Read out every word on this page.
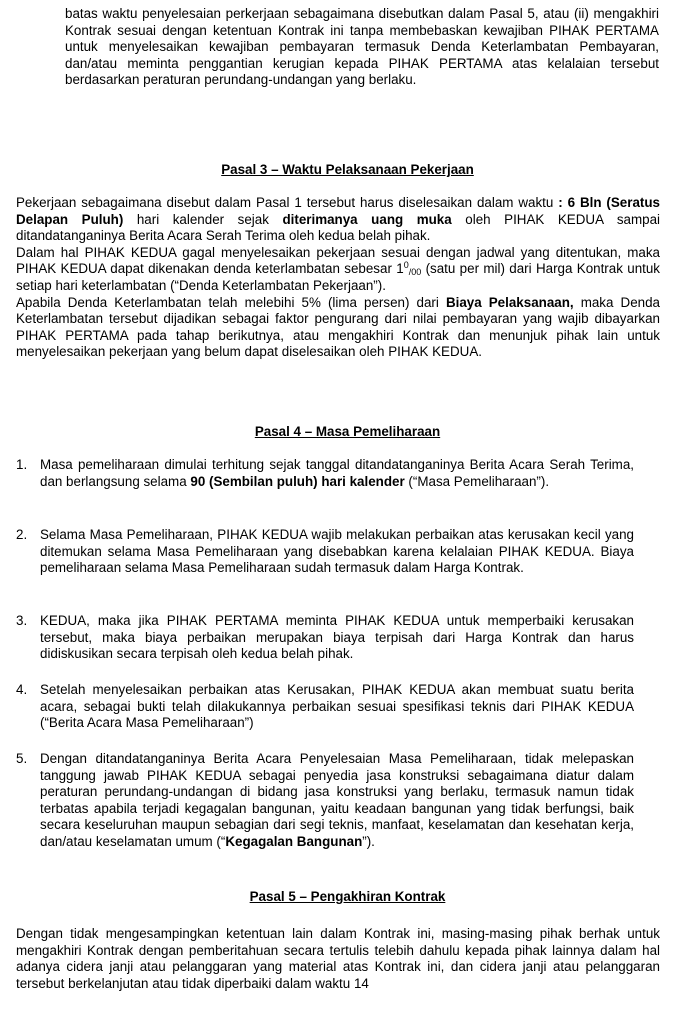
batas waktu penyelesaian perkerjaan sebagaimana disebutkan dalam Pasal 5, atau (ii) mengakhiri Kontrak sesuai dengan ketentuan Kontrak ini tanpa membebaskan kewajiban PIHAK PERTAMA untuk menyelesaikan kewajiban pembayaran termasuk Denda Keterlambatan Pembayaran, dan/atau meminta penggantian kerugian kepada PIHAK PERTAMA atas kelalaian tersebut berdasarkan peraturan perundang-undangan yang berlaku.

Pasal 3 – Waktu Pelaksanaan Pekerjaan

Pekerjaan sebagaimana disebut dalam Pasal 1 tersebut harus diselesaikan dalam waktu : 6 Bln (Seratus Delapan Puluh) hari kalender sejak diterimanya uang muka oleh PIHAK KEDUA sampai ditandatanganinya Berita Acara Serah Terima oleh kedua belah pihak.

Dalam hal PIHAK KEDUA gagal menyelesaikan pekerjaan sesuai dengan jadwal yang ditentukan, maka PIHAK KEDUA dapat dikenakan denda keterlambatan sebesar $1^0_{/00}$ (satu per mil) dari Harga Kontrak untuk setiap hari keterlambatan (“Denda Keterlambatan Pekerjaan”).

Apabila Denda Keterlambatan telah melebihi 5% (lima persen) dari Biaya Pelaksanaan, maka Denda Keterlambatan tersebut dijadikan sebagai faktor pengurang dari nilai pembayaran yang wajib dibayarkan PIHAK PERTAMA pada tahap berikutnya, atau mengakhiri Kontrak dan menunjuk pihak lain untuk menyelesaikan pekerjaan yang belum dapat diselesaikan oleh PIHAK KEDUA.

Pasal 4 – Masa Pemeliharaan
1. Masa pemeliharaan dimulai terhitung sejak tanggal ditandatanganinya Berita Acara Serah Terima, dan berlangsung selama 90 (Sembilan puluh) hari kalender (“Masa Pemeliharaan”).

2. Selama Masa Pemeliharaan, PIHAK KEDUA wajib melakukan perbaikan atas kerusakan kecil yang ditemukan selama Masa Pemeliharaan yang disebabkan karena kelalaian PIHAK KEDUA. Biaya pemeliharaan selama Masa Pemeliharaan sudah termasuk dalam Harga Kontrak.

3. KEDUA, maka jika PIHAK PERTAMA meminta PIHAK KEDUA untuk memperbaiki kerusakan tersebut, maka biaya perbaikan merupakan biaya terpisah dari Harga Kontrak dan harus didiskusikan secara terpisah oleh kedua belah pihak.

4. Setelah menyelesaikan perbaikan atas Kerusakan, PIHAK KEDUA akan membuat suatu berita acara, sebagai bukti telah dilakukannya perbaikan sesuai spesifikasi teknis dari PIHAK KEDUA (“Berita Acara Masa Pemeliharaan”)

5. Dengan ditandatanganinya Berita Acara Penyelesaian Masa Pemeliharaan, tidak melepaskan tanggung jawab PIHAK KEDUA sebagai penyedia jasa konstruksi sebagaimana diatur dalam peraturan perundang-undangan di bidang jasa konstruksi yang berlaku, termasuk namun tidak terbatas apabila terjadi kegagalan bangunan, yaitu keadaan bangunan yang tidak berfungsi, baik secara keseluruhan maupun sebagian dari segi teknis, manfaat, keselamatan dan kesehatan kerja, dan/atau keselamatan umum (“Kegagalan Bangunan”).

Pasal 5 – Pengakhiran Kontrak

Dengan tidak mengesampingkan ketentuan lain dalam Kontrak ini, masing-masing pihak berhak untuk mengakhiri Kontrak dengan pemberitahuan secara tertulis telebih dahulu kepada pihak lainnya dalam hal adanya cidera janji atau pelanggaran yang material atas Kontrak ini, dan cidera janji atau pelanggaran tersebut berkelanjutan atau tidak diperbaiki dalam waktu 14
